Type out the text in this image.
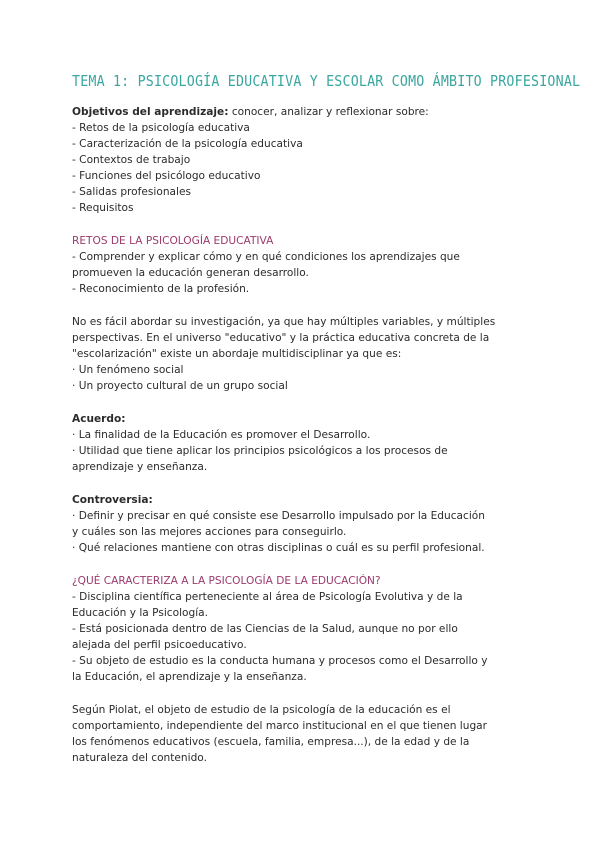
TEMA 1: PSICOLOGÍA EDUCATIVA Y ESCOLAR COMO ÁMBITO PROFESIONAL

Objetivos del aprendizaje: conocer, analizar y reflexionar sobre:

- Retos de la psicología educativa

- Caracterización de la psicología educativa

- Contextos de trabajo

- Funciones del psicólogo educativo

- Salidas profesionales

- Requisitos

RETOS DE LA PSICOLOGÍA EDUCATIVA

- Comprender y explicar cómo y en qué condiciones los aprendizajes que

promueven la educación generan desarrollo.

- Reconocimiento de la profesión.

No es fácil abordar su investigación, ya que hay múltiples variables, y múltiples

perspectivas. En el universo "educativo" y la práctica educativa concreta de la

"escolarización" existe un abordaje multidisciplinar ya que es:

· Un fenómeno social

· Un proyecto cultural de un grupo social

Acuerdo:

· La finalidad de la Educación es promover el Desarrollo.

· Utilidad que tiene aplicar los principios psicológicos a los procesos de

aprendizaje y enseñanza.

Controversia:

· Definir y precisar en qué consiste ese Desarrollo impulsado por la Educación

y cuáles son las mejores acciones para conseguirlo.

· Qué relaciones mantiene con otras disciplinas o cuál es su perfil profesional.

¿QUÉ CARACTERIZA A LA PSICOLOGÍA DE LA EDUCACIÓN?

- Disciplina científica perteneciente al área de Psicología Evolutiva y de la

Educación y la Psicología.

- Está posicionada dentro de las Ciencias de la Salud, aunque no por ello

alejada del perfil psicoeducativo.

- Su objeto de estudio es la conducta humana y procesos como el Desarrollo y

la Educación, el aprendizaje y la enseñanza.

Según Piolat, el objeto de estudio de la psicología de la educación es el

comportamiento, independiente del marco institucional en el que tienen lugar

los fenómenos educativos (escuela, familia, empresa...), de la edad y de la

naturaleza del contenido.
